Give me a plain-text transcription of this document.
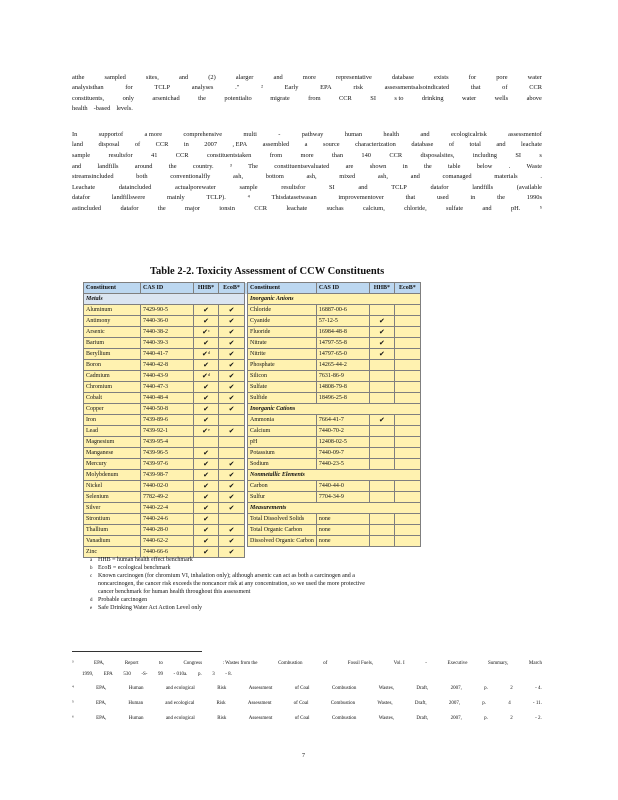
atthe	sampled	sites,	and	(2)	alarger	and	more	representative	database	exists	for	pore	water
analysisthan	for	TCLP	analyses	."	²	Early	EPA	risk	assessmentsalsoindicated	that	of	CCR
constituents,	only	arsenichad	the	potentialto	migrate	from	CCR	SI	s to	drinking	water	wells	above
health -based levels.
In	supportof	a more	comprehensive	multi	-	pathway	human	health	and	ecologicalrisk	assessmentof
land disposal of CCR in 2007 , EPA assembled a source characterization database of total and leachate
sample	resultsfor	41	CCR	constituentstaken	from	more	than	140	CCR	disposalsites,	including	SI	s
and	landfills	around	the	country.	³	The	constituentsevaluated	are	shown	in	the	table	below	.	Waste
streamsincluded	both	conventionalfly	ash,	bottom	ash,	mixed	ash,	and	comanaged	materials	.
Leachate	dataincluded	actualporewater	sample	resultsfor	SI	and	TCLP	datafor	landfills	(available
datafor	landfillswere	mainly	TCLP).	⁴	Thisdatasetwasan	improvementover	that	used	in	the	1990s
astincluded	datafor	the	major	ionsin	CCR	leachate	suchas	calcium,	chloride,	sulfate	and	pH.	⁵
Table 2-2. Toxicity Assessment of CCW Constituents
Constituent	CAS ID	HHB*	EcoB*		Constituent	CAS ID	HHB*	EcoB*
Metals					Inorganic Anions			
Aluminum	7429-90-5	✔	✔		Chloride	16887-00-6		
Antimony	7440-36-0	✔	✔		Cyanide	57-12-5	✔	
Arsenic	7440-38-2	✔ᶜ	✔		Fluoride	16984-48-8	✔	
Barium	7440-39-3	✔	✔		Nitrate	14797-55-8	✔	
Beryllium	7440-41-7	✔ᵈ	✔		Nitrite	14797-65-0	✔	
Boron	7440-42-8	✔	✔		Phosphate	14265-44-2		
Cadmium	7440-43-9	✔ᵈ	✔		Silicon	7631-86-9		
Chromium	7440-47-3	✔	✔		Sulfate	14808-79-8		
Cobalt	7440-48-4	✔	✔		Sulfide	18496-25-8		
Copper	7440-50-8	✔	✔		Inorganic Cations			
Iron	7439-89-6	✔			Ammonia	7664-41-7	✔	
Lead	7439-92-1	✔ᵉ	✔		Calcium	7440-70-2		
Magnesium	7439-95-4				pH	12408-02-5		
Manganese	7439-96-5	✔			Potassium	7440-09-7		
Mercury	7439-97-6	✔	✔		Sodium	7440-23-5		
Molybdenum	7439-98-7	✔	✔		Nonmetallic Elements			
Nickel	7440-02-0	✔	✔		Carbon	7440-44-0		
Selenium	7782-49-2	✔	✔		Sulfur	7704-34-9		
Silver	7440-22-4	✔	✔		Measurements			
Strontium	7440-24-6	✔			Total Dissolved Solids	none		
Thallium	7440-28-0	✔	✔		Total Organic Carbon	none		
Vanadium	7440-62-2	✔	✔		Dissolved Organic Carbon	none		
Zinc	7440-66-6	✔	✔					
a HHB = human health effect benchmark
b EcoB = ecological benchmark
c Known carcinogen (for chromium VI, inhalation only); although arsenic can act as both a carcinogen and a
noncarcinogen, the cancer risk exceeds the noncancer risk at any concentration, so we used the more protective
cancer benchmark for human health throughout this assessment
d Probable carcinogen
e Safe Drinking Water Act Action Level only
³	EPA,	Report	to	Congress	: Wastes from the	Combustion	of	Fossil Fuels,	Vol. I	-	Executive	Summary,	March
1999, EPA 530 -S- 99 - 010a. p. 3 - 8.
⁴	EPA,	Human	and ecological	Risk	Assessment	of Coal	Combustion	Wastes,	Draft,	2007,	p.	2	- 4.
⁵	EPA,	Human	and ecological	Risk	Assessment	of Coal	Combustion	Wastes,	Draft,	2007,	p.	4	- 11.
⁶	EPA,	Human	and ecological	Risk	Assessment	of Coal	Combustion	Wastes,	Draft,	2007,	p.	2	- 2.
7
